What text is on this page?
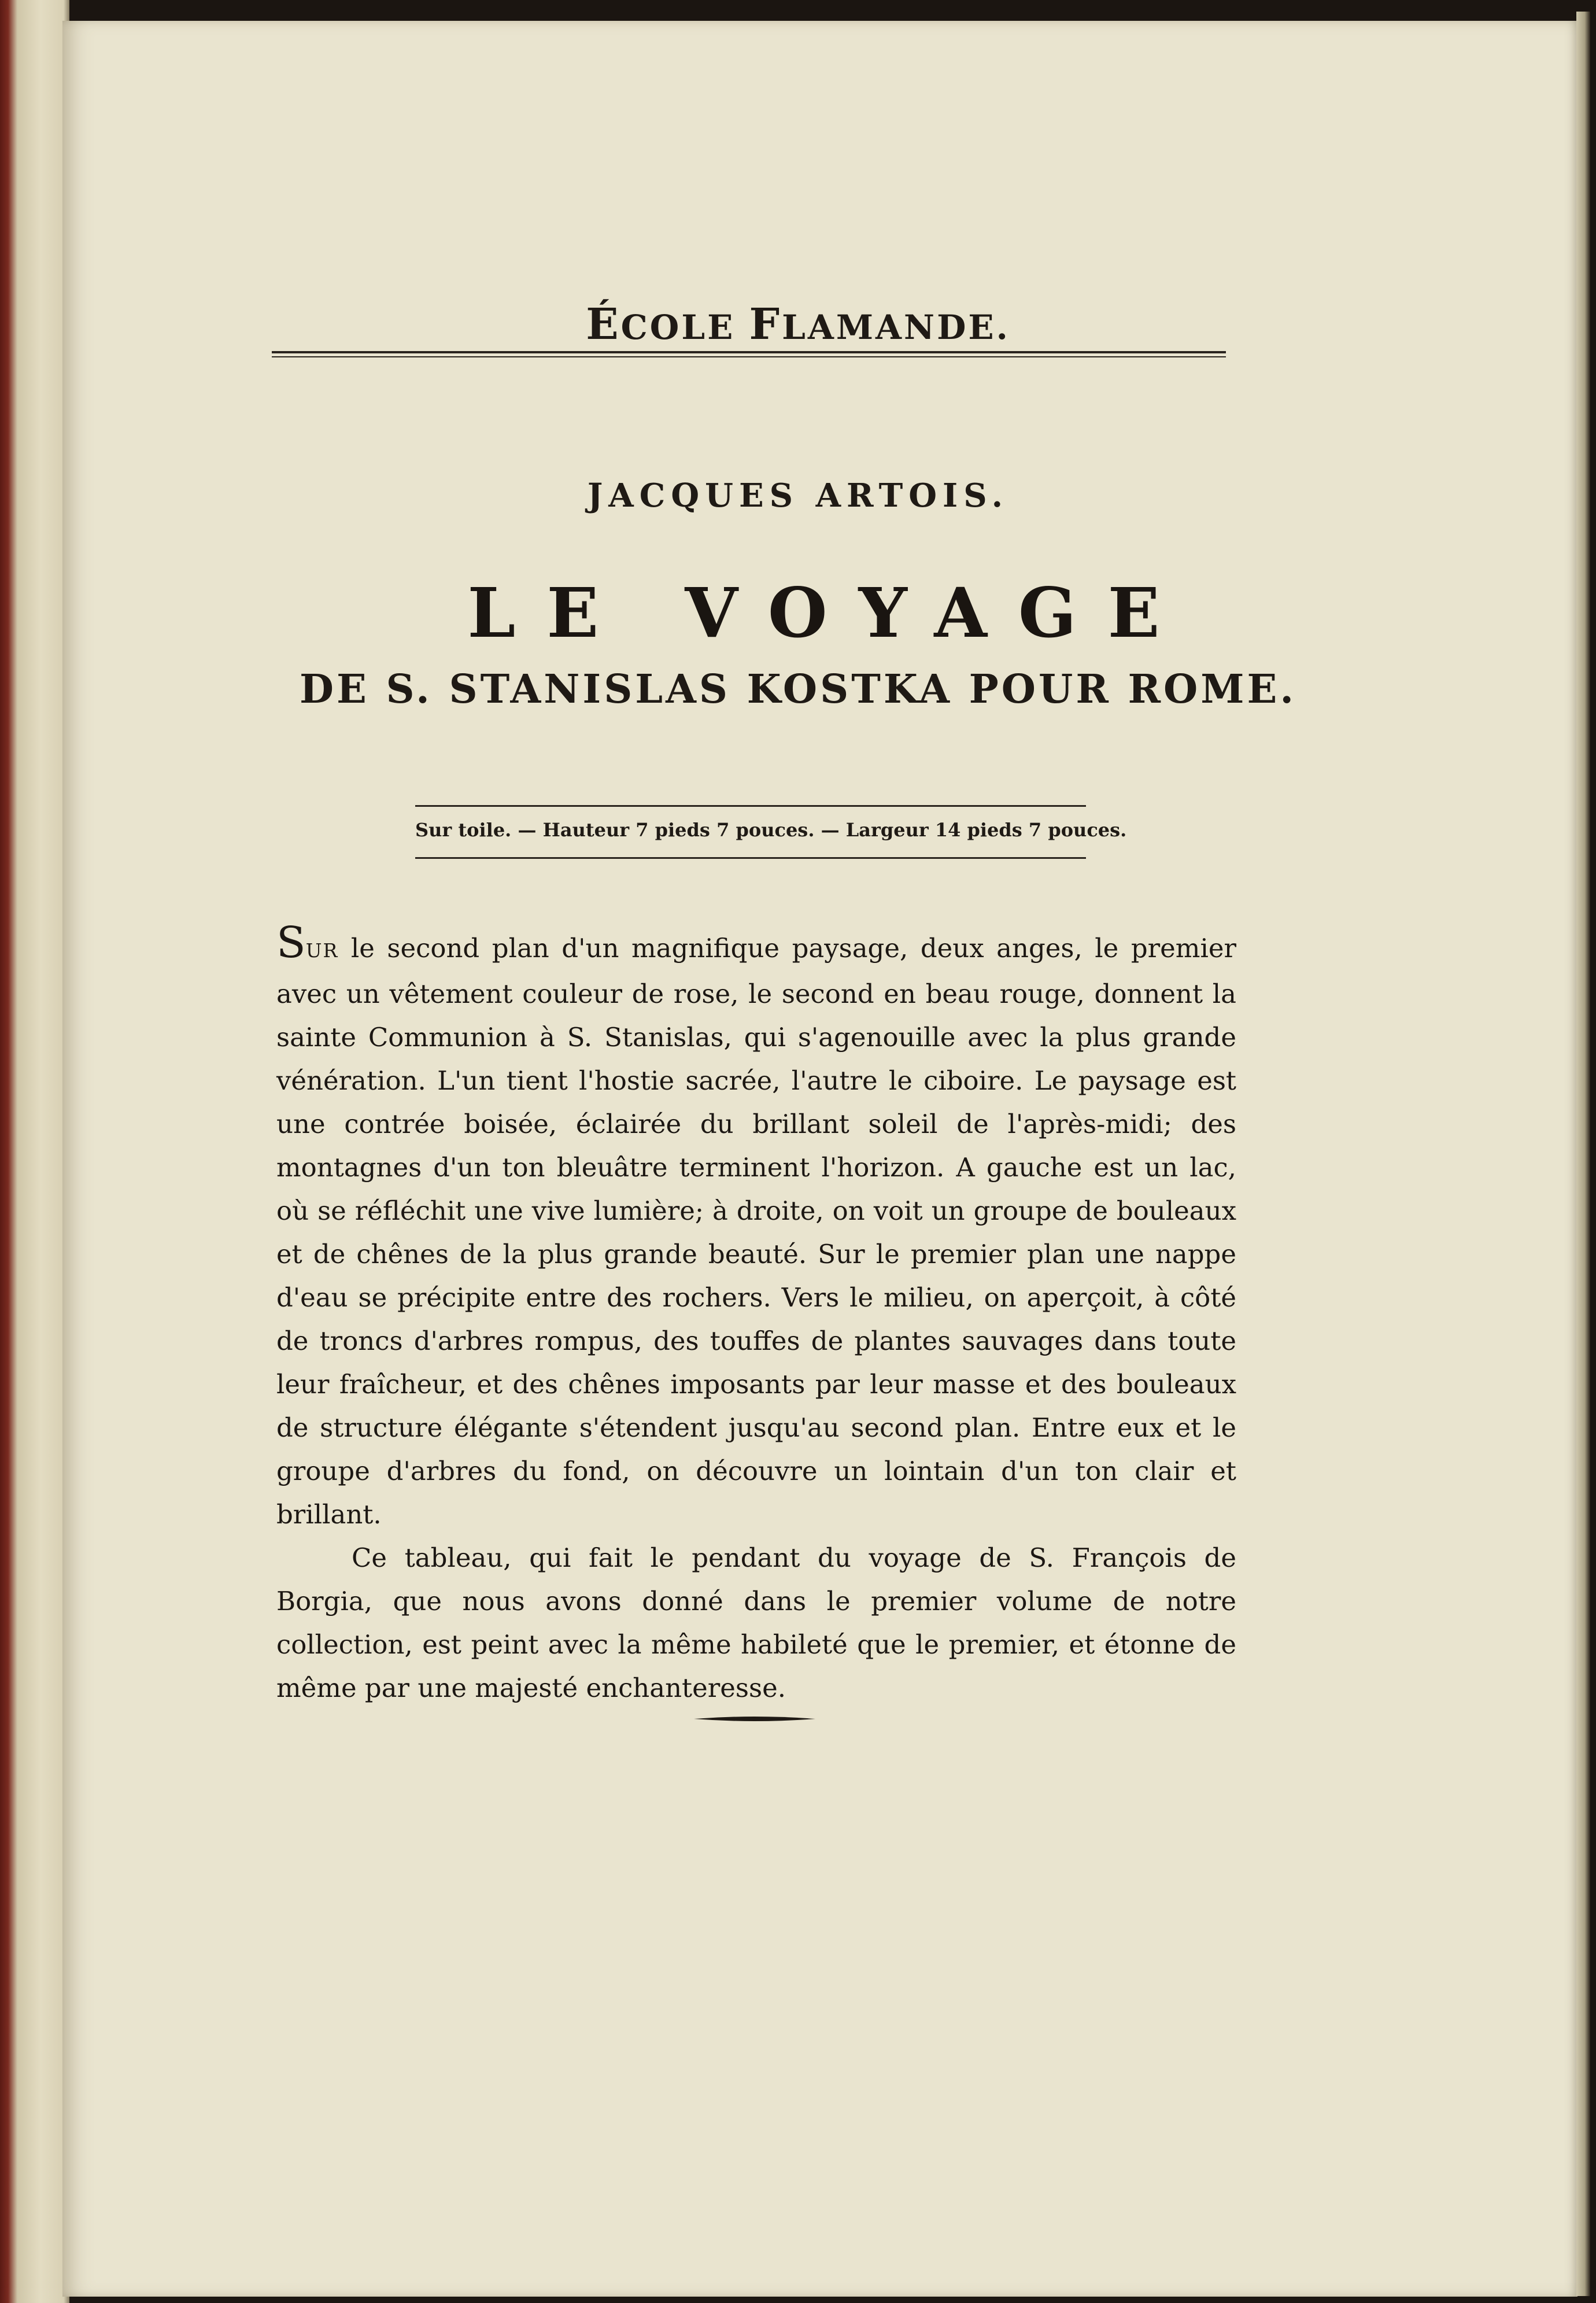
ÉCOLE FLAMANDE.
JACQUES ARTOIS.
LE VOYAGE
DE S. STANISLAS KOSTKA POUR ROME.
Sur toile. — Hauteur 7 pieds 7 pouces. — Largeur 14 pieds 7 pouces.

SUR le second plan d'un magnifique paysage, deux anges, le premier avec un vêtement couleur de rose, le second en beau rouge, donnent la sainte Communion à S. Stanislas, qui s'agenouille avec la plus grande vénération. L'un tient l'hostie sacrée, l'autre le ciboire. Le paysage est une contrée boisée, éclairée du brillant soleil de l'après-midi; des montagnes d'un ton bleuâtre terminent l'horizon. A gauche est un lac, où se réfléchit une vive lumière; à droite, on voit un groupe de bouleaux et de chênes de la plus grande beauté. Sur le premier plan une nappe d'eau se précipite entre des rochers. Vers le milieu, on aperçoit, à côté de troncs d'arbres rompus, des touffes de plantes sauvages dans toute leur fraîcheur, et des chênes imposants par leur masse et des bouleaux de structure élégante s'étendent jusqu'au second plan. Entre eux et le groupe d'arbres du fond, on découvre un lointain d'un ton clair et brillant.

Ce tableau, qui fait le pendant du voyage de S. François de Borgia, que nous avons donné dans le premier volume de notre collection, est peint avec la même habileté que le premier, et étonne de même par une majesté enchanteresse.
